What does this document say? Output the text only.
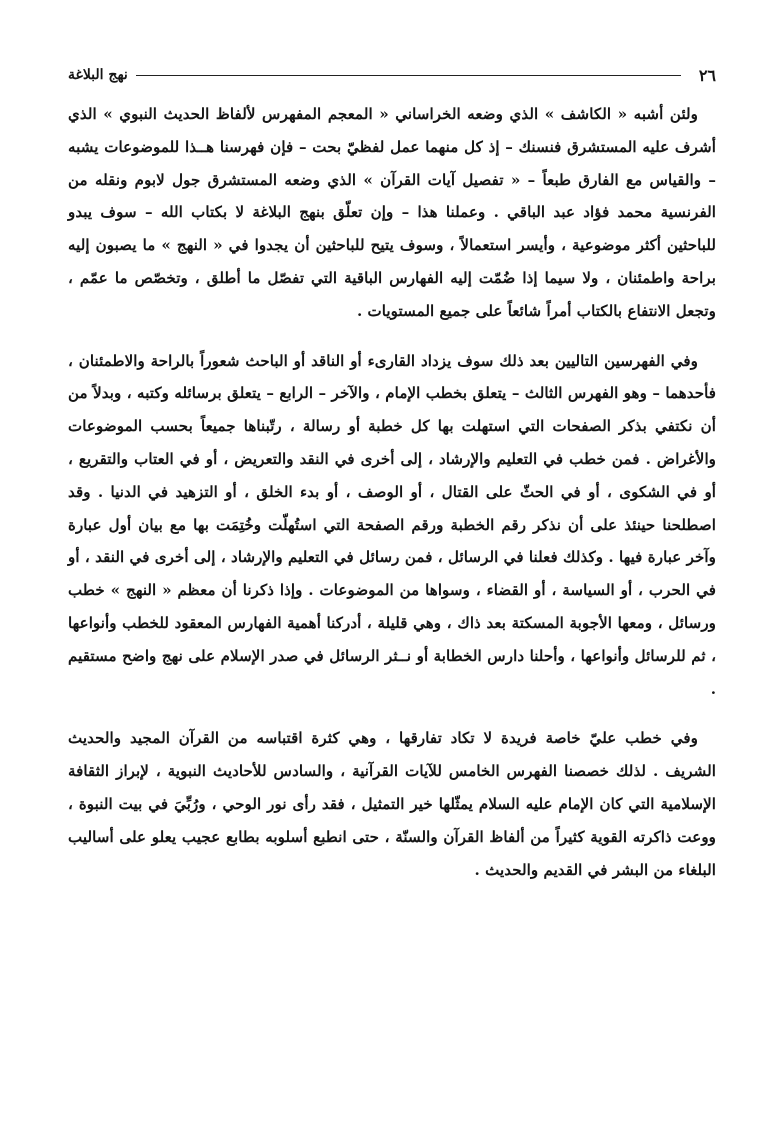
٢٦
نهج البلاغة

ولئن أشبه « الكاشف » الذي وضعه الخراساني « المعجم المفهرس لألفاظ الحديث النبوي » الذي أشرف عليه المستشرق فنسنك – إذ كل منهما عمل لفظيّ بحت – فإن فهرسنا هــذا للموضوعات يشبه – والقياس مع الفارق طبعاً – « تفصيل آيات القرآن » الذي وضعه المستشرق جول لابوم ونقله من الفرنسية محمد فؤاد عبد الباقي . وعملنا هذا – وإن تعلّق بنهج البلاغة لا بكتاب الله – سوف يبدو للباحثين أكثر موضوعية ، وأيسر استعمالاً ، وسوف يتيح للباحثين أن يجدوا في « النهج » ما يصبون إليه براحة واطمئنان ، ولا سيما إذا ضُمّت إليه الفهارس الباقية التي تفصّل ما أطلق ، وتخصّص ما عمّم ، وتجعل الانتفاع بالكتاب أمراً شائعاً على جميع المستويات .

وفي الفهرسين التاليين بعد ذلك سوف يزداد القارىء أو الناقد أو الباحث شعوراً بالراحة والاطمئنان ، فأحدهما – وهو الفهرس الثالث – يتعلق بخطب الإمام ، والآخر – الرابع – يتعلق برسائله وكتبه ، وبدلاً من أن نكتفي بذكر الصفحات التي استهلت بها كل خطبة أو رسالة ، رتّبناها جميعاً بحسب الموضوعات والأغراض . فمن خطب في التعليم والإرشاد ، إلى أخرى في النقد والتعريض ، أو في العتاب والتقريع ، أو في الشكوى ، أو في الحثّ على القتال ، أو الوصف ، أو بدء الخلق ، أو التزهيد في الدنيا . وقد اصطلحنا حينئذ على أن نذكر رقم الخطبة ورقم الصفحة التي استُهلّت وخُتِمَت بها مع بيان أول عبارة وآخر عبارة فيها . وكذلك فعلنا في الرسائل ، فمن رسائل في التعليم والإرشاد ، إلى أخرى في النقد ، أو في الحرب ، أو السياسة ، أو القضاء ، وسواها من الموضوعات . وإذا ذكرنا أن معظم « النهج » خطب ورسائل ، ومعها الأجوبة المسكتة بعد ذاك ، وهي قليلة ، أدركنا أهمية الفهارس المعقود للخطب وأنواعها ، ثم للرسائل وأنواعها ، وأحلنا دارس الخطابة أو نــثر الرسائل في صدر الإسلام على نهج واضح مستقيم .

وفي خطب عليّ خاصة فريدة لا تكاد تفارقها ، وهي كثرة اقتباسه من القرآن المجيد والحديث الشريف . لذلك خصصنا الفهرس الخامس للآيات القرآنية ، والسادس للأحاديث النبوية ، لإبراز الثقافة الإسلامية التي كان الإمام عليه السلام يمثّلها خير التمثيل ، فقد رأى نور الوحي ، ورُبِّيَ في بيت النبوة ، ووعت ذاكرته القوية كثيراً من ألفاظ القرآن والسنّة ، حتى انطبع أسلوبه بطابع عجيب يعلو على أساليب البلغاء من البشر في القديم والحديث .
